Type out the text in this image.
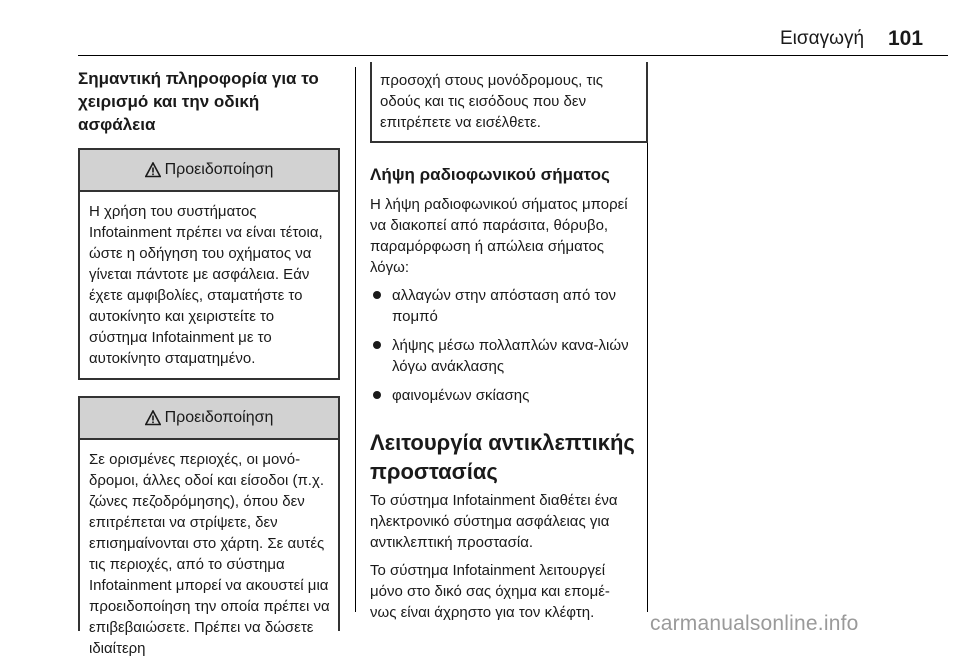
Εισαγωγή 101
Σημαντική πληροφορία για το χειρισμό και την οδική ασφάλεια
Προειδοποίηση

Η χρήση του συστήματος Infotainment πρέπει να είναι τέτοια, ώστε η οδήγηση του οχήματος να γίνεται πάντοτε με ασφάλεια. Εάν έχετε αμφιβολίες, σταματήστε το αυτοκίνητο και χειριστείτε το σύστημα Infotainment με το αυτοκίνητο σταματημένο.

Προειδοποίηση

Σε ορισμένες περιοχές, οι μονό-δρομοι, άλλες οδοί και είσοδοι (π.χ. ζώνες πεζοδρόμησης), όπου δεν επιτρέπεται να στρίψετε, δεν επισημαίνονται στο χάρτη. Σε αυτές τις περιοχές, από το σύστημα Infotainment μπορεί να ακουστεί μια προειδοποίηση την οποία πρέπει να επιβεβαιώσετε. Πρέπει να δώσετε ιδιαίτερη

προσοχή στους μονόδρομους, τις οδούς και τις εισόδους που δεν επιτρέπετε να εισέλθετε.

Λήψη ραδιοφωνικού σήματος

Η λήψη ραδιοφωνικού σήματος μπορεί να διακοπεί από παράσιτα, θόρυβο, παραμόρφωση ή απώλεια σήματος λόγω:

αλλαγών στην απόσταση από τον πομπό
λήψης μέσω πολλαπλών κανα-λιών λόγω ανάκλασης
φαινομένων σκίασης
Λειτουργία αντικλεπτικής προστασίας

Το σύστημα Infotainment διαθέτει ένα ηλεκτρονικό σύστημα ασφάλειας για αντικλεπτική προστασία.

Το σύστημα Infotainment λειτουργεί μόνο στο δικό σας όχημα και επομέ-νως είναι άχρηστο για τον κλέφτη.	carmanualsonline.info
